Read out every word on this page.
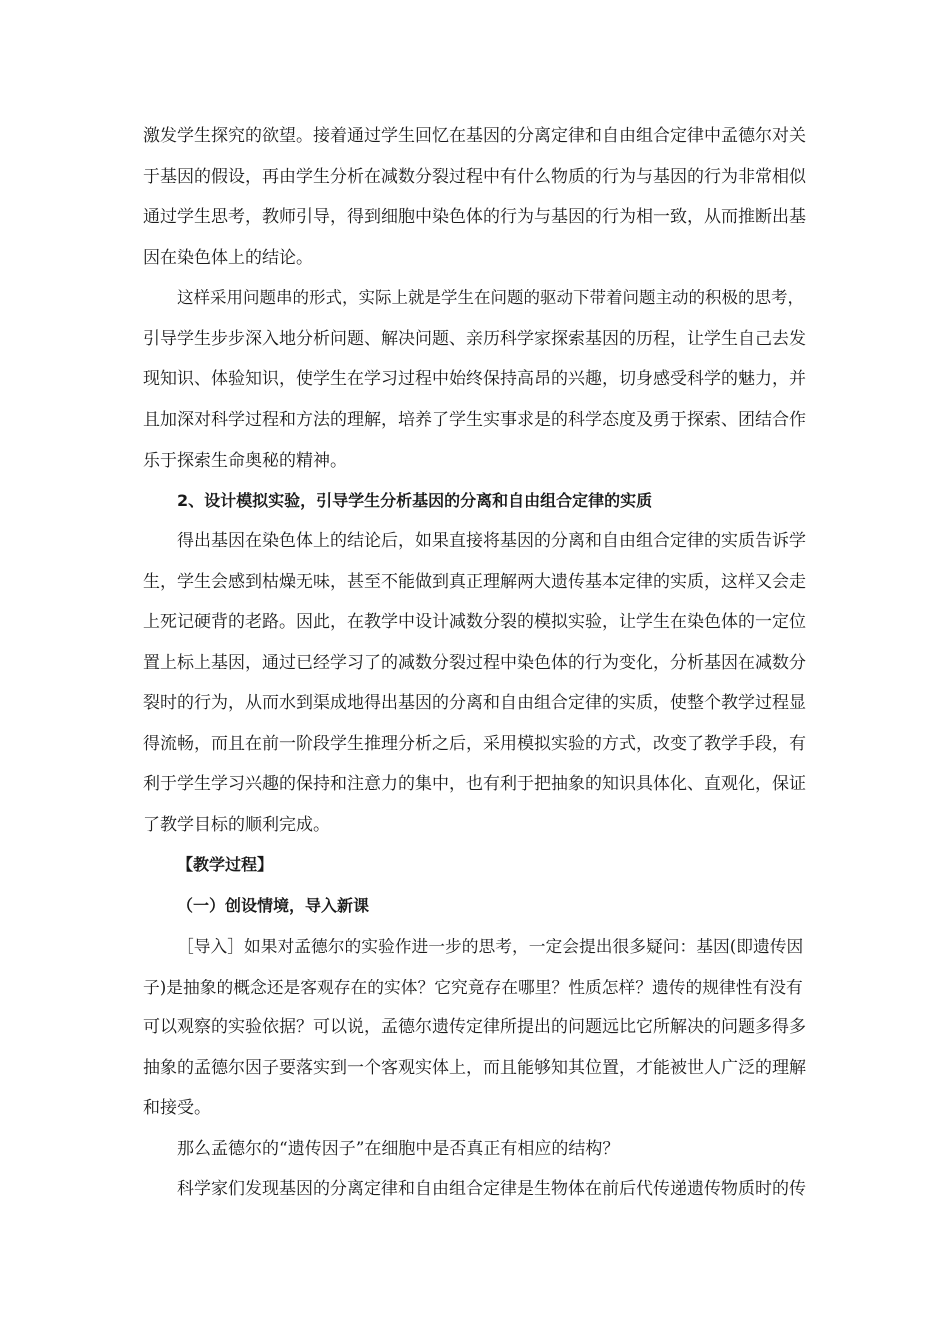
激发学生探究的欲望。接着通过学生回忆在基因的分离定律和自由组合定律中孟德尔对关
于基因的假设，再由学生分析在减数分裂过程中有什么物质的行为与基因的行为非常相似
通过学生思考，教师引导，得到细胞中染色体的行为与基因的行为相一致，从而推断出基
因在染色体上的结论。
这样采用问题串的形式，实际上就是学生在问题的驱动下带着问题主动的积极的思考，
引导学生步步深入地分析问题、解决问题、亲历科学家探索基因的历程，让学生自己去发
现知识、体验知识，使学生在学习过程中始终保持高昂的兴趣，切身感受科学的魅力，并
且加深对科学过程和方法的理解，培养了学生实事求是的科学态度及勇于探索、团结合作
乐于探索生命奥秘的精神。
2、设计模拟实验，引导学生分析基因的分离和自由组合定律的实质
得出基因在染色体上的结论后，如果直接将基因的分离和自由组合定律的实质告诉学
生，学生会感到枯燥无味，甚至不能做到真正理解两大遗传基本定律的实质，这样又会走
上死记硬背的老路。因此，在教学中设计减数分裂的模拟实验，让学生在染色体的一定位
置上标上基因，通过已经学习了的减数分裂过程中染色体的行为变化，分析基因在减数分
裂时的行为，从而水到渠成地得出基因的分离和自由组合定律的实质，使整个教学过程显
得流畅，而且在前一阶段学生推理分析之后，采用模拟实验的方式，改变了教学手段，有
利于学生学习兴趣的保持和注意力的集中，也有利于把抽象的知识具体化、直观化，保证
了教学目标的顺利完成。
【教学过程】
（一）创设情境，导入新课
［导入］如果对孟德尔的实验作进一步的思考，一定会提出很多疑问：基因(即遗传因
子)是抽象的概念还是客观存在的实体？它究竟存在哪里？性质怎样？遗传的规律性有没有
可以观察的实验依据？可以说，孟德尔遗传定律所提出的问题远比它所解决的问题多得多
抽象的孟德尔因子要落实到一个客观实体上，而且能够知其位置，才能被世人广泛的理解
和接受。
那么孟德尔的“遗传因子”在细胞中是否真正有相应的结构？
科学家们发现基因的分离定律和自由组合定律是生物体在前后代传递遗传物质时的传
